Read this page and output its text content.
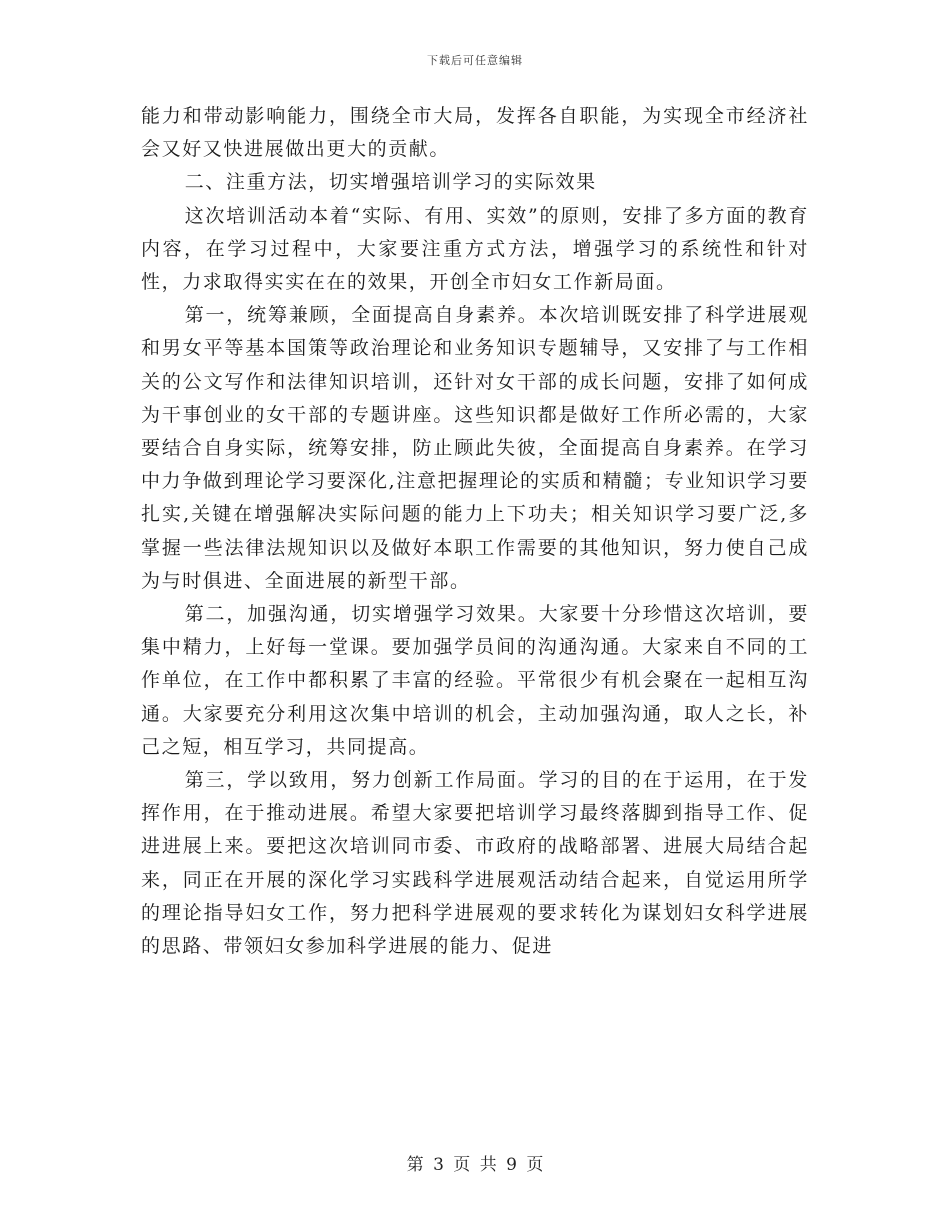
下载后可任意编辑

能力和带动影响能力，围绕全市大局，发挥各自职能，为实现全市经济社会又好又快进展做出更大的贡献。

二、注重方法，切实增强培训学习的实际效果

这次培训活动本着“实际、有用、实效”的原则，安排了多方面的教育内容，在学习过程中，大家要注重方式方法，增强学习的系统性和针对性，力求取得实实在在的效果，开创全市妇女工作新局面。

第一，统筹兼顾，全面提高自身素养。本次培训既安排了科学进展观和男女平等基本国策等政治理论和业务知识专题辅导，又安排了与工作相关的公文写作和法律知识培训，还针对女干部的成长问题，安排了如何成为干事创业的女干部的专题讲座。这些知识都是做好工作所必需的，大家要结合自身实际，统筹安排，防止顾此失彼，全面提高自身素养。在学习中力争做到理论学习要深化,注意把握理论的实质和精髓；专业知识学习要扎实,关键在增强解决实际问题的能力上下功夫；相关知识学习要广泛,多掌握一些法律法规知识以及做好本职工作需要的其他知识，努力使自己成为与时俱进、全面进展的新型干部。

第二，加强沟通，切实增强学习效果。大家要十分珍惜这次培训，要集中精力，上好每一堂课。要加强学员间的沟通沟通。大家来自不同的工作单位，在工作中都积累了丰富的经验。平常很少有机会聚在一起相互沟通。大家要充分利用这次集中培训的机会，主动加强沟通，取人之长，补己之短，相互学习，共同提高。

第三，学以致用，努力创新工作局面。学习的目的在于运用，在于发挥作用，在于推动进展。希望大家要把培训学习最终落脚到指导工作、促进进展上来。要把这次培训同市委、市政府的战略部署、进展大局结合起来，同正在开展的深化学习实践科学进展观活动结合起来，自觉运用所学的理论指导妇女工作，努力把科学进展观的要求转化为谋划妇女科学进展的思路、带领妇女参加科学进展的能力、促进

第 3 页 共 9 页
